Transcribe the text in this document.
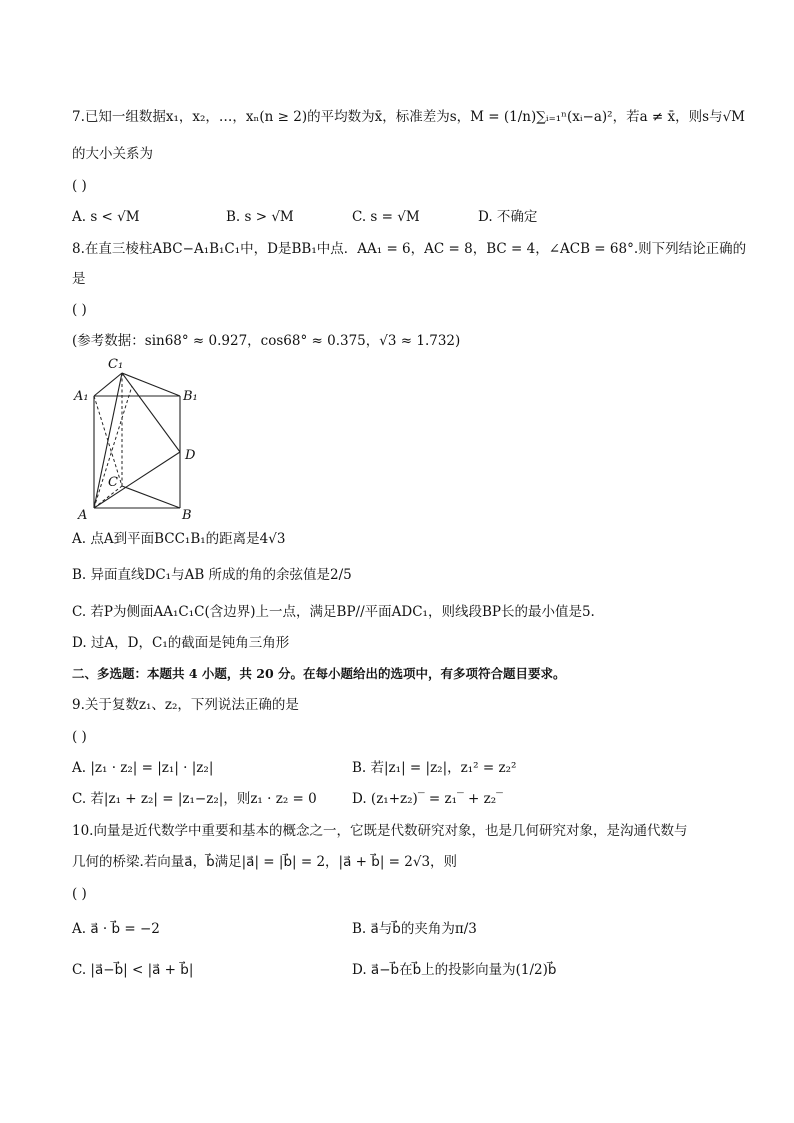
7.已知一组数据x₁，x₂，…，xₙ(n ≥ 2)的平均数为x̄，标准差为s，M = (1/n)∑ᵢ₌₁ⁿ(xᵢ−a)²，若a ≠ x̄，则s与√M
的大小关系为
( )
A. s < √M	B. s > √M	C. s = √M	D. 不确定
8.在直三棱柱ABC−A₁B₁C₁中，D是BB₁中点．AA₁ = 6，AC = 8，BC = 4，∠ACB = 68°.则下列结论正确的
是
( )
(参考数据：sin68° ≈ 0.927，cos68° ≈ 0.375，√3 ≈ 1.732)
C₁
A₁	B₁
D
C
A	B
A. 点A到平面BCC₁B₁的距离是4√3
B. 异面直线DC₁与AB 所成的角的余弦值是2/5
C. 若P为侧面AA₁C₁C(含边界)上一点，满足BP//平面ADC₁，则线段BP长的最小值是5.
D. 过A，D，C₁的截面是钝角三角形
二、多选题：本题共 4 小题，共 20 分。在每小题给出的选项中，有多项符合题目要求。
9.关于复数z₁、z₂，下列说法正确的是
( )
A. |z₁ · z₂| = |z₁| · |z₂|	B. 若|z₁| = |z₂|，z₁² = z₂²
C. 若|z₁ + z₂| = |z₁−z₂|，则z₁ · z₂ = 0	D. (z₁+z₂)‾ = z₁‾ + z₂‾
10.向量是近代数学中重要和基本的概念之一，它既是代数研究对象，也是几何研究对象，是沟通代数与
几何的桥梁.若向量a⃗，b⃗满足|a⃗| = |b⃗| = 2，|a⃗ + b⃗| = 2√3，则
( )
A. a⃗ · b⃗ = −2	B. a⃗与b⃗的夹角为π/3
C. |a⃗−b⃗| < |a⃗ + b⃗|	D. a⃗−b⃗在b⃗上的投影向量为(1/2)b⃗
